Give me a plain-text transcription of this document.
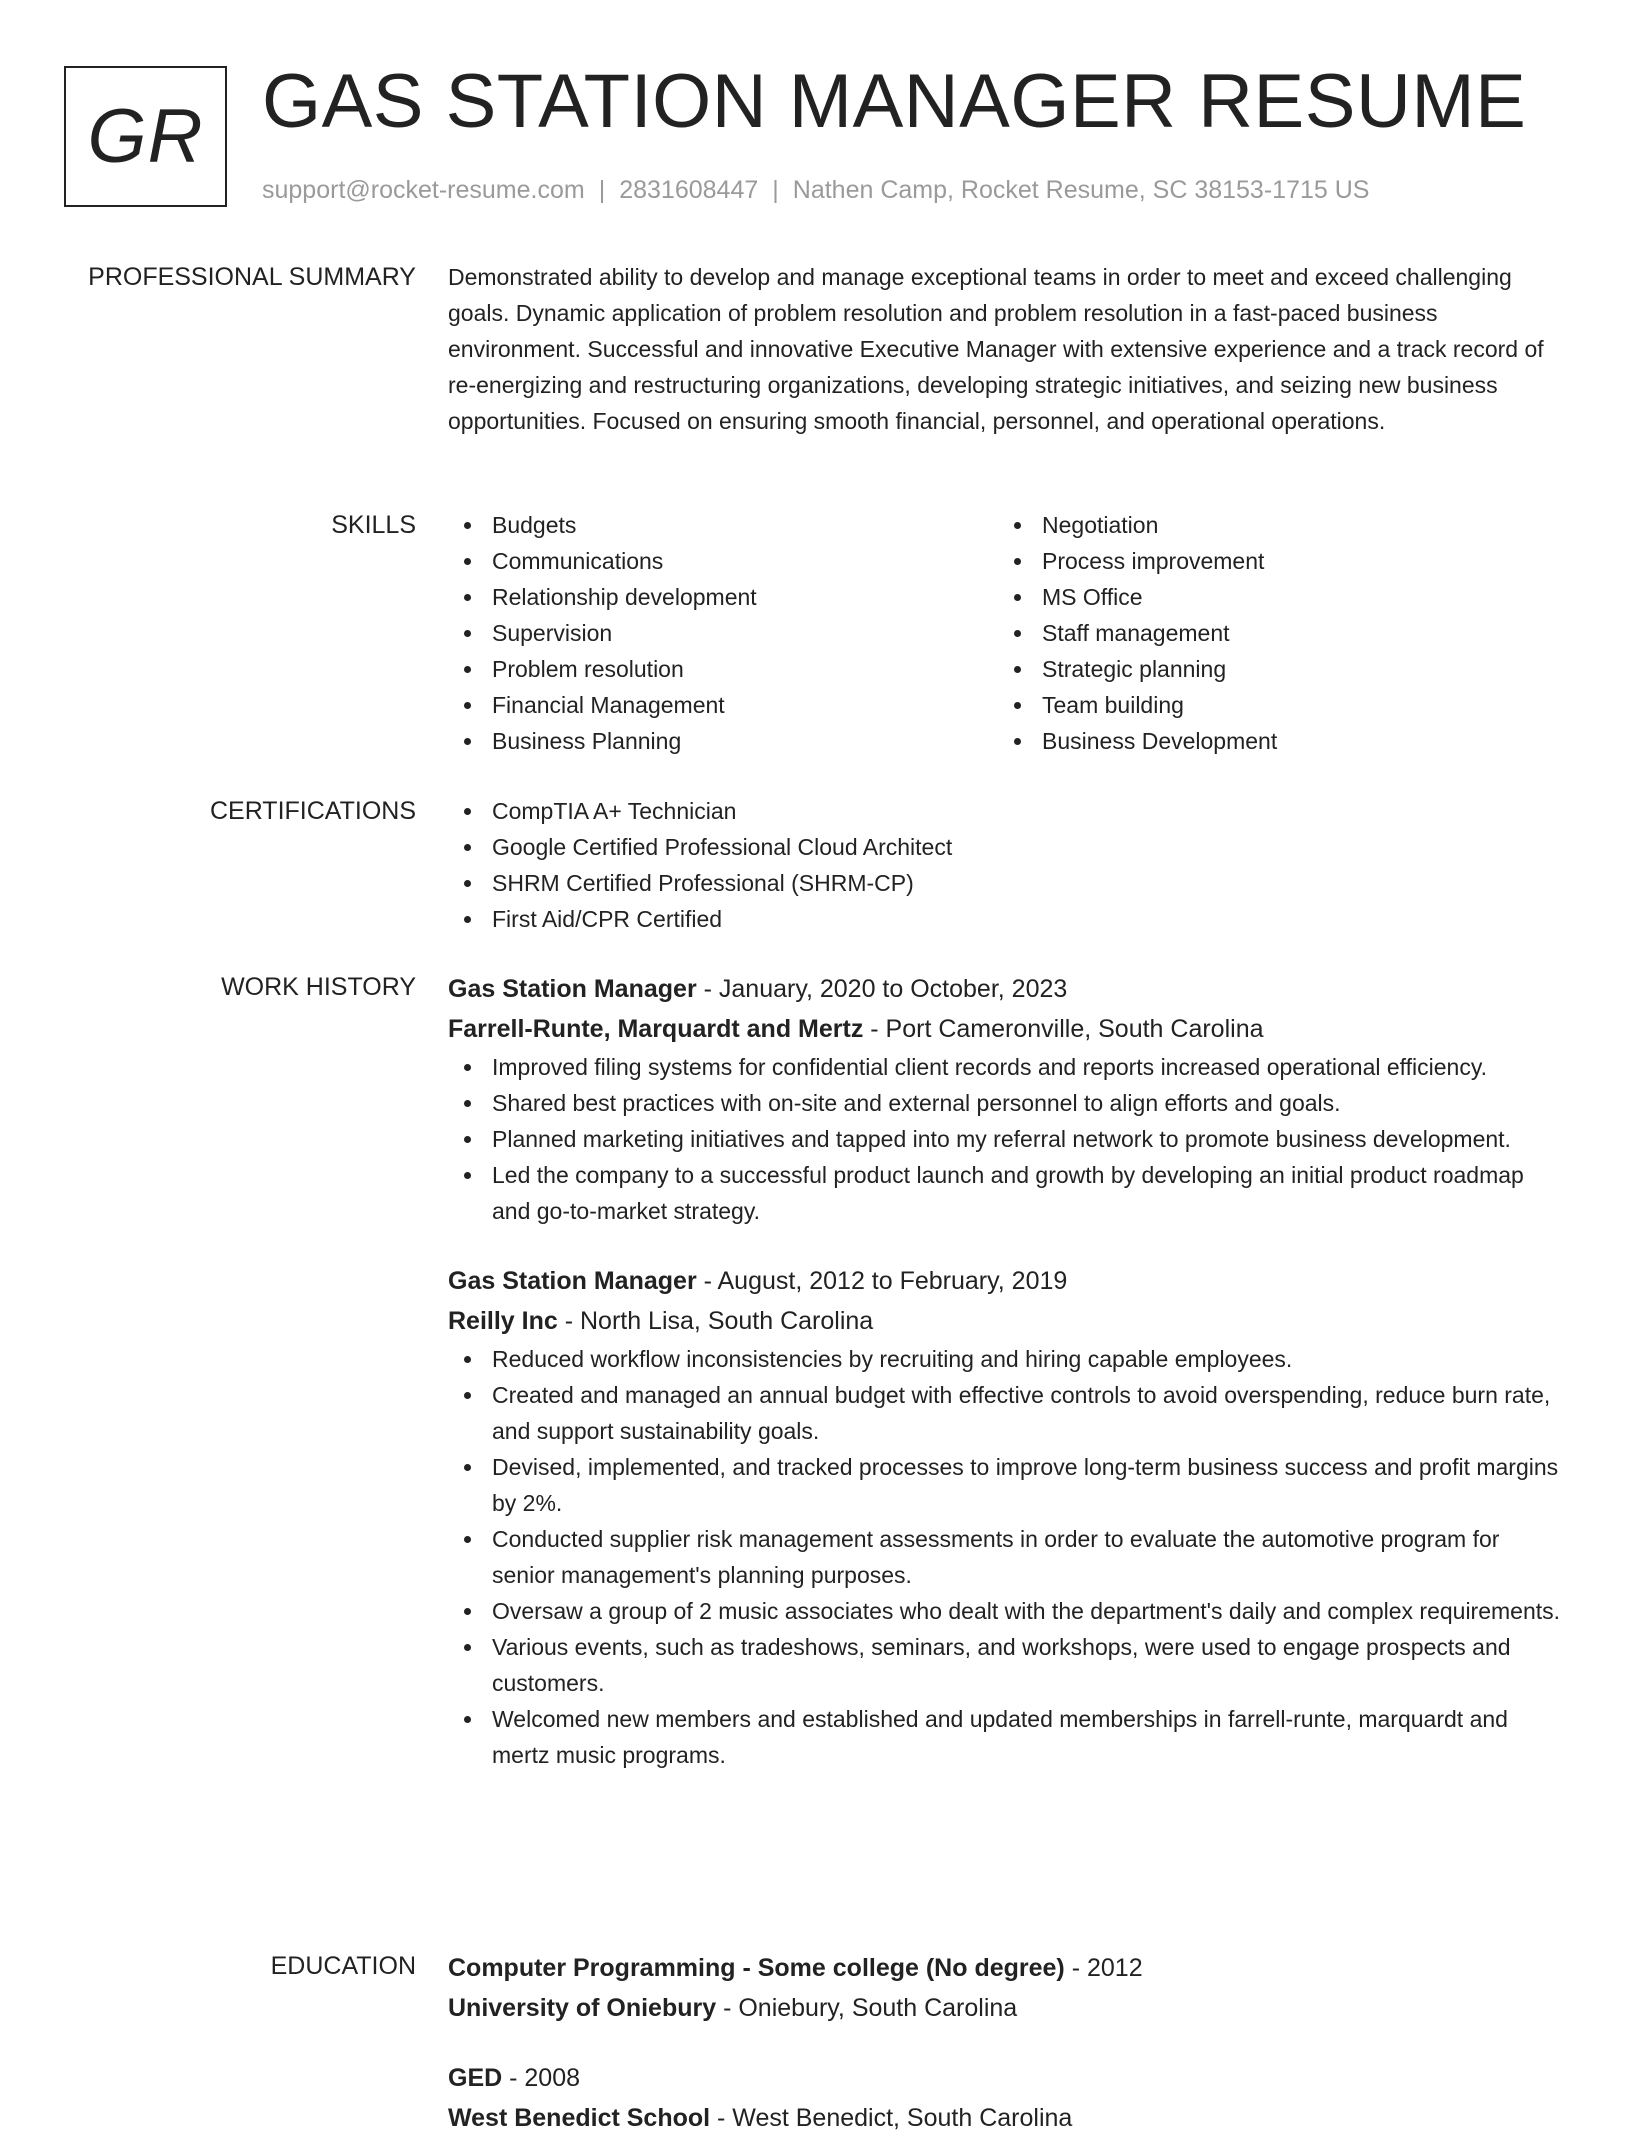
GR GAS STATION MANAGER RESUME
support@rocket-resume.com | 2831608447 | Nathen Camp, Rocket Resume, SC 38153-1715 US
PROFESSIONAL SUMMARY Demonstrated ability to develop and manage exceptional teams in order to meet and exceed challenging goals. Dynamic application of problem resolution and problem resolution in a fast-paced business environment. Successful and innovative Executive Manager with extensive experience and a track record of re-energizing and restructuring organizations, developing strategic initiatives, and seizing new business opportunities. Focused on ensuring smooth financial, personnel, and operational operations.

SKILLS	Budgets
Communications
Relationship development
Supervision
Problem resolution
Financial Management
Business Planning
Negotiation
Process improvement
MS Office
Staff management
Strategic planning
Team building
Business Development
CERTIFICATIONS	CompTIA A+ Technician
Google Certified Professional Cloud Architect
SHRM Certified Professional (SHRM-CP)
First Aid/CPR Certified
WORK HISTORY Gas Station Manager - January, 2020 to October, 2023
Farrell-Runte, Marquardt and Mertz - Port Cameronville, South Carolina
Improved filing systems for confidential client records and reports increased operational efficiency.
Shared best practices with on-site and external personnel to align efforts and goals.
Planned marketing initiatives and tapped into my referral network to promote business development.
Led the company to a successful product launch and growth by developing an initial product roadmap and go-to-market strategy.
Gas Station Manager - August, 2012 to February, 2019
Reilly Inc - North Lisa, South Carolina
Reduced workflow inconsistencies by recruiting and hiring capable employees.
Created and managed an annual budget with effective controls to avoid overspending, reduce burn rate, and support sustainability goals.
Devised, implemented, and tracked processes to improve long-term business success and profit margins by 2%.
Conducted supplier risk management assessments in order to evaluate the automotive program for senior management's planning purposes.
Oversaw a group of 2 music associates who dealt with the department's daily and complex requirements.
Various events, such as tradeshows, seminars, and workshops, were used to engage prospects and customers.
Welcomed new members and established and updated memberships in farrell-runte, marquardt and mertz music programs.
EDUCATION Computer Programming - Some college (No degree) - 2012
University of Oniebury - Oniebury, South Carolina
GED - 2008
West Benedict School - West Benedict, South Carolina
